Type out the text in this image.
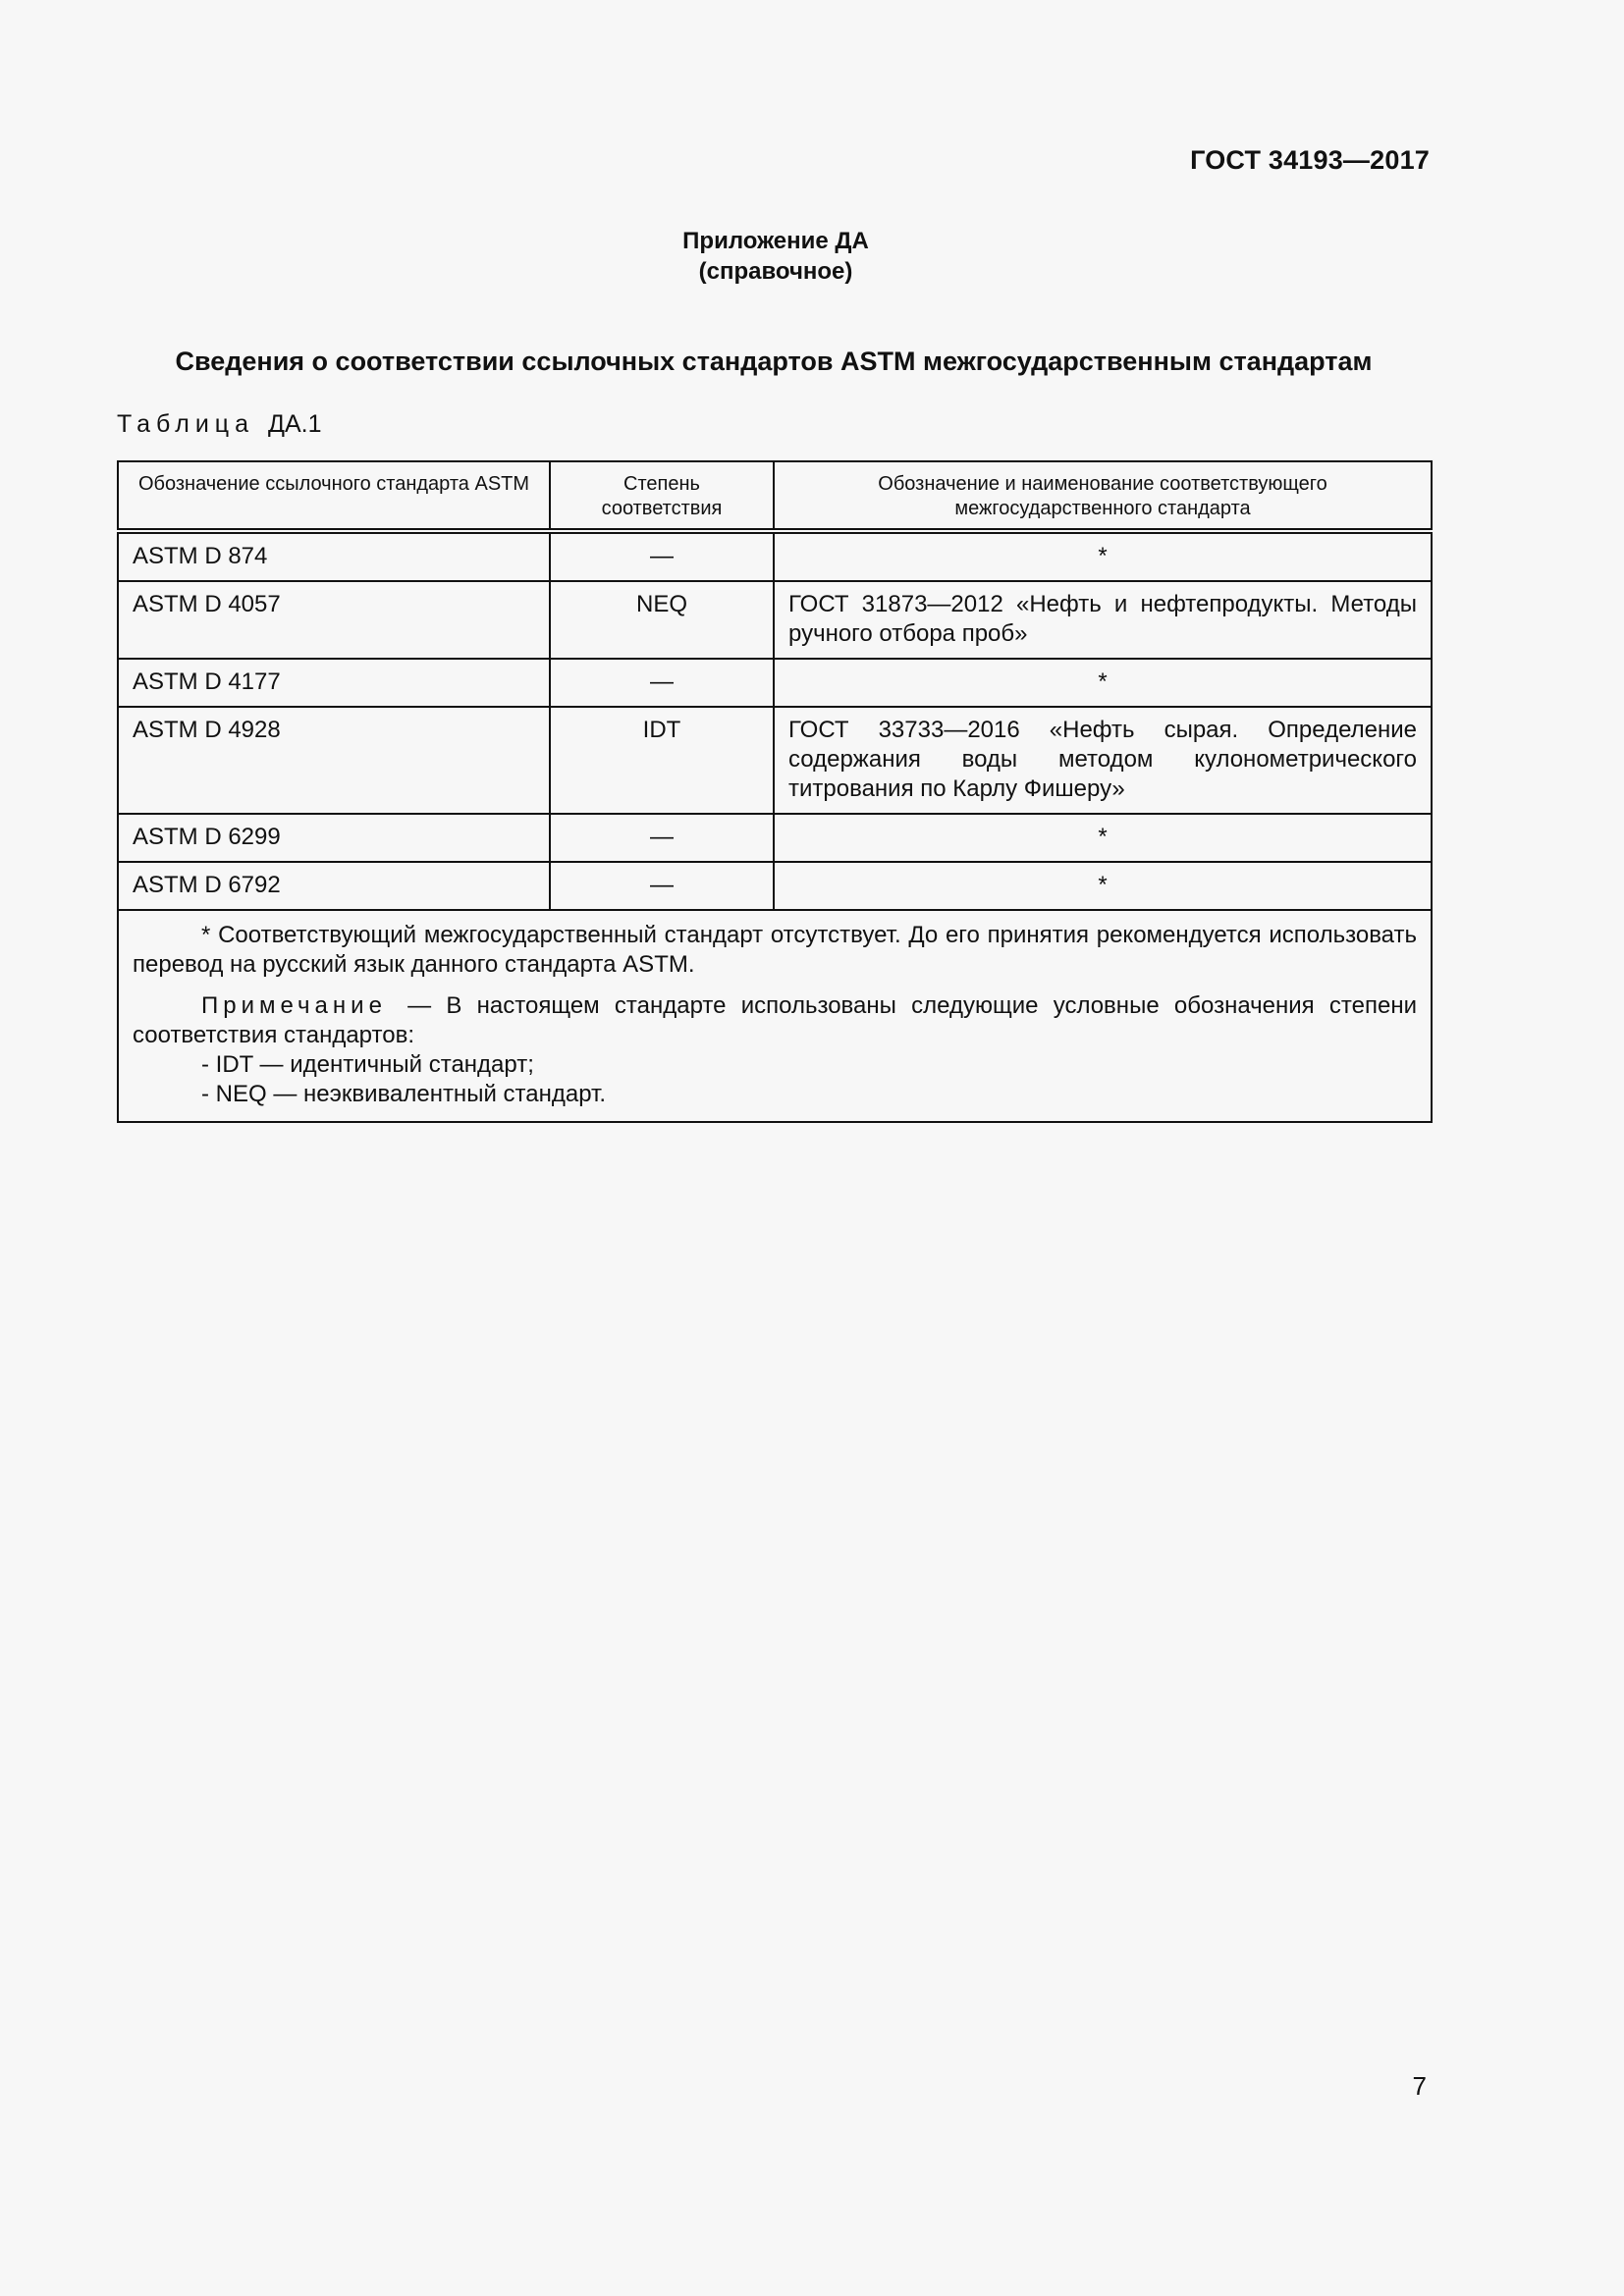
ГОСТ 34193—2017
Приложение ДА
(справочное)
Сведения о соответствии ссылочных стандартов ASTM межгосударственным стандартам
Таблица ДА.1
Обозначение ссылочного стандарта ASTM	Степень соответствия	Обозначение и наименование соответствующего межгосударственного стандарта
ASTM D 874	—	*
ASTM D 4057	NEQ	ГОСТ 31873—2012 «Нефть и нефтепродукты. Методы ручного отбора проб»
ASTM D 4177	—	*
ASTM D 4928	IDT	ГОСТ 33733—2016 «Нефть сырая. Определение содержания воды методом кулонометрического титрования по Карлу Фишеру»
ASTM D 6299	—	*
ASTM D 6792	—	*

* Соответствующий межгосударственный стандарт отсутствует. До его принятия рекомендуется использовать перевод на русский язык данного стандарта ASTM.

Примечание — В настоящем стандарте использованы следующие условные обозначения степени соответствия стандартов:

- IDT — идентичный стандарт;

- NEQ — неэквивалентный стандарт.		

7
